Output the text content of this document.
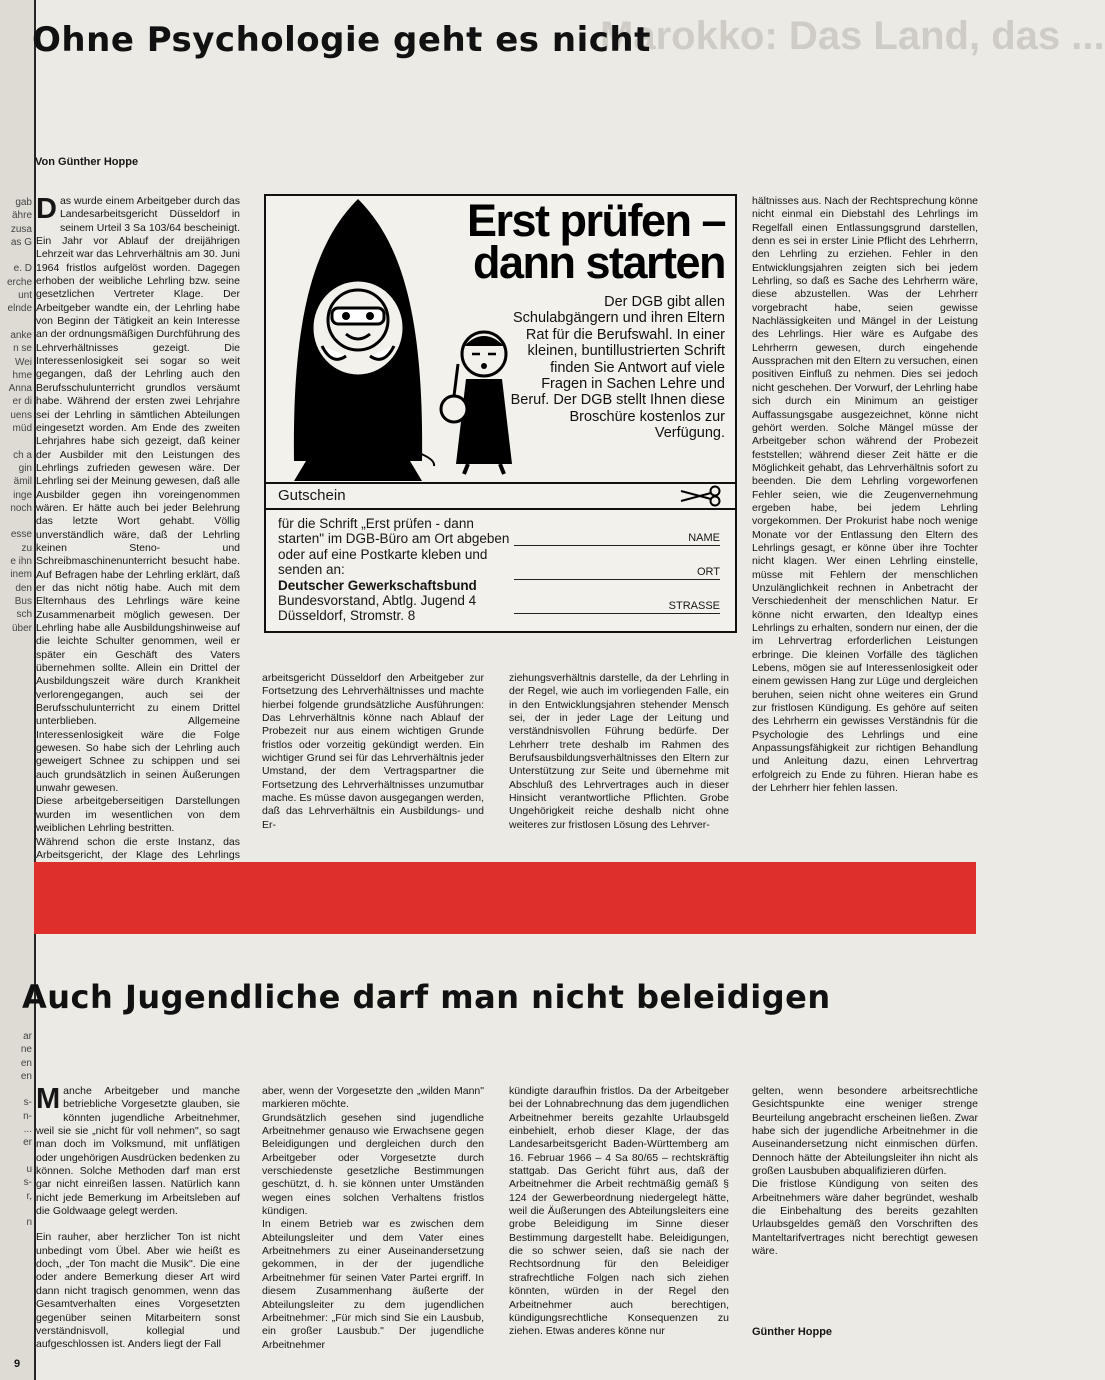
gab
ähre
zusa
as G

e. D
erche
unt
elnde

anke
n se
Wei
hme
Anna
er di
uens
müd

ch a
gin
ämil
inge
noch

esse
zu
e ihn
inem
den
Bus
sch
über
ar
ne
en
en

s-
n-
...
er

u
s-
r,

n
Marokko: Das Land, das ...
Ohne Psychologie geht es nicht
Von Günther Hoppe

Das wurde einem Arbeitgeber durch das Landesarbeitsgericht Düsseldorf in seinem Urteil 3 Sa 103/64 bescheinigt. Ein Jahr vor Ablauf der dreijährigen Lehrzeit war das Lehrverhältnis am 30. Juni 1964 fristlos aufgelöst worden. Dagegen erhoben der weibliche Lehrling bzw. seine gesetzlichen Vertreter Klage. Der Arbeitgeber wandte ein, der Lehrling habe von Beginn der Tätigkeit an kein Interesse an der ordnungsmäßigen Durchführung des Lehrverhältnisses gezeigt. Die Interessenlosigkeit sei sogar so weit gegangen, daß der Lehrling auch den Berufsschulunterricht grundlos versäumt habe. Während der ersten zwei Lehrjahre sei der Lehrling in sämtlichen Abteilungen eingesetzt worden. Am Ende des zweiten Lehrjahres habe sich gezeigt, daß keiner der Ausbilder mit den Leistungen des Lehrlings zufrieden gewesen wäre. Der Lehrling sei der Meinung gewesen, daß alle Ausbilder gegen ihn voreingenommen wären. Er hätte auch bei jeder Belehrung das letzte Wort gehabt. Völlig unverständlich wäre, daß der Lehrling keinen Steno- und Schreibmaschinenunterricht besucht habe. Auf Befragen habe der Lehrling erklärt, daß er das nicht nötig habe. Auch mit dem Elternhaus des Lehrlings wäre keine Zusammenarbeit möglich gewesen. Der Lehrling habe alle Ausbildungshinweise auf die leichte Schulter genommen, weil er später ein Geschäft des Vaters übernehmen sollte. Allein ein Drittel der Ausbildungszeit wäre durch Krankheit verlorengegangen, auch sei der Berufsschulunterricht zu einem Drittel unterblieben. Allgemeine Interessenlosigkeit wäre die Folge gewesen. So habe sich der Lehrling auch geweigert Schnee zu schippen und sei auch grundsätzlich in seinen Äußerungen unwahr gewesen.

Diese arbeitgeberseitigen Darstellungen wurden im wesentlichen von dem weiblichen Lehrling bestritten.

Während schon die erste Instanz, das Arbeitsgericht, der Klage des Lehrlings

Erst prüfen –
dann starten
Der DGB gibt allen Schulabgängern und ihren Eltern Rat für die Berufswahl. In einer kleinen, buntillustrierten Schrift finden Sie Antwort auf viele Fragen in Sachen Lehre und Beruf. Der DGB stellt Ihnen diese Broschüre kostenlos zur Verfügung.
Gutschein
für die Schrift „Erst prüfen - dann starten" im DGB-Büro am Ort abgeben oder auf eine Postkarte kleben und senden an:
Deutscher Gewerkschaftsbund
Bundesvorstand, Abtlg. Jugend 4 Düsseldorf, Stromstr. 8
NAME
ORT
STRASSE

arbeitsgericht Düsseldorf den Arbeitgeber zur Fortsetzung des Lehrverhältnisses und machte hierbei folgende grundsätzliche Ausführungen: Das Lehrverhältnis könne nach Ablauf der Probezeit nur aus einem wichtigen Grunde fristlos oder vorzeitig gekündigt werden. Ein wichtiger Grund sei für das Lehrverhältnis jeder Umstand, der dem Vertragspartner die Fortsetzung des Lehrverhältnisses unzumutbar mache. Es müsse davon ausgegangen werden, daß das Lehrverhältnis ein Ausbildungs- und Er-

ziehungsverhältnis darstelle, da der Lehrling in der Regel, wie auch im vorliegenden Falle, ein in den Entwicklungsjahren stehender Mensch sei, der in jeder Lage der Leitung und verständnisvollen Führung bedürfe. Der Lehrherr trete deshalb im Rahmen des Berufsausbildungsverhältnisses den Eltern zur Unterstützung zur Seite und übernehme mit Abschluß des Lehrvertrages auch in dieser Hinsicht verantwortliche Pflichten. Grobe Ungehörigkeit reiche deshalb nicht ohne weiteres zur fristlosen Lösung des Lehrver-

hältnisses aus. Nach der Rechtsprechung könne nicht einmal ein Diebstahl des Lehrlings im Regelfall einen Entlassungsgrund darstellen, denn es sei in erster Linie Pflicht des Lehrherrn, den Lehrling zu erziehen. Fehler in den Entwicklungsjahren zeigten sich bei jedem Lehrling, so daß es Sache des Lehrherrn wäre, diese abzustellen. Was der Lehrherr vorgebracht habe, seien gewisse Nachlässigkeiten und Mängel in der Leistung des Lehrlings. Hier wäre es Aufgabe des Lehrherrn gewesen, durch eingehende Aussprachen mit den Eltern zu versuchen, einen positiven Einfluß zu nehmen. Dies sei jedoch nicht geschehen. Der Vorwurf, der Lehrling habe sich durch ein Minimum an geistiger Auffassungsgabe ausgezeichnet, könne nicht gehört werden. Solche Mängel müsse der Arbeitgeber schon während der Probezeit feststellen; während dieser Zeit hätte er die Möglichkeit gehabt, das Lehrverhältnis sofort zu beenden. Die dem Lehrling vorgeworfenen Fehler seien, wie die Zeugenvernehmung ergeben habe, bei jedem Lehrling vorgekommen. Der Prokurist habe noch wenige Monate vor der Entlassung den Eltern des Lehrlings gesagt, er könne über ihre Tochter nicht klagen. Wer einen Lehrling einstelle, müsse mit Fehlern der menschlichen Unzulänglichkeit rechnen in Anbetracht der Verschiedenheit der menschlichen Natur. Er könne nicht erwarten, den Idealtyp eines Lehrlings zu erhalten, sondern nur einen, der die im Lehrvertrag erforderlichen Leistungen erbringe. Die kleinen Vorfälle des täglichen Lebens, mögen sie auf Interessenlosigkeit oder einem gewissen Hang zur Lüge und dergleichen beruhen, seien nicht ohne weiteres ein Grund zur fristlosen Kündigung. Es gehöre auf seiten des Lehrherrn ein gewisses Verständnis für die Psychologie des Lehrlings und eine Anpassungsfähigkeit zur richtigen Behandlung und Anleitung dazu, einen Lehrvertrag erfolgreich zu Ende zu führen. Hieran habe es der Lehrherr hier fehlen lassen.

Auch Jugendliche darf man nicht beleidigen

Manche Arbeitgeber und manche betriebliche Vorgesetzte glauben, sie könnten jugendliche Arbeitnehmer, weil sie sie „nicht für voll nehmen", so sagt man doch im Volksmund, mit unflätigen oder ungehörigen Ausdrücken bedenken zu können. Solche Methoden darf man erst gar nicht einreißen lassen. Natürlich kann nicht jede Bemerkung im Arbeitsleben auf die Goldwaage gelegt werden.

Ein rauher, aber herzlicher Ton ist nicht unbedingt vom Übel. Aber wie heißt es doch, „der Ton macht die Musik". Die eine oder andere Bemerkung dieser Art wird dann nicht tragisch genommen, wenn das Gesamtverhalten eines Vorgesetzten gegenüber seinen Mitarbeitern sonst verständnisvoll, kollegial und aufgeschlossen ist. Anders liegt der Fall

aber, wenn der Vorgesetzte den „wilden Mann" markieren möchte.

Grundsätzlich gesehen sind jugendliche Arbeitnehmer genauso wie Erwachsene gegen Beleidigungen und dergleichen durch den Arbeitgeber oder Vorgesetzte durch verschiedenste gesetzliche Bestimmungen geschützt, d. h. sie können unter Umständen wegen eines solchen Verhaltens fristlos kündigen.

In einem Betrieb war es zwischen dem Abteilungsleiter und dem Vater eines Arbeitnehmers zu einer Auseinandersetzung gekommen, in der der jugendliche Arbeitnehmer für seinen Vater Partei ergriff. In diesem Zusammenhang äußerte der Abteilungsleiter zu dem jugendlichen Arbeitnehmer: „Für mich sind Sie ein Lausbub, ein großer Lausbub." Der jugendliche Arbeitnehmer

kündigte daraufhin fristlos. Da der Arbeitgeber bei der Lohnabrechnung das dem jugendlichen Arbeitnehmer bereits gezahlte Urlaubsgeld einbehielt, erhob dieser Klage, der das Landesarbeitsgericht Baden-Württemberg am 16. Februar 1966 – 4 Sa 80/65 – rechtskräftig stattgab. Das Gericht führt aus, daß der Arbeitnehmer die Arbeit rechtmäßig gemäß § 124 der Gewerbeordnung niedergelegt hätte, weil die Äußerungen des Abteilungsleiters eine grobe Beleidigung im Sinne dieser Bestimmung dargestellt habe. Beleidigungen, die so schwer seien, daß sie nach der Rechtsordnung für den Beleidiger strafrechtliche Folgen nach sich ziehen könnten, würden in der Regel den Arbeitnehmer auch berechtigen, kündigungsrechtliche Konsequenzen zu ziehen. Etwas anderes könne nur

gelten, wenn besondere arbeitsrechtliche Gesichtspunkte eine weniger strenge Beurteilung angebracht erscheinen ließen. Zwar habe sich der jugendliche Arbeitnehmer in die Auseinandersetzung nicht einmischen dürfen. Dennoch hätte der Abteilungsleiter ihn nicht als großen Lausbuben abqualifizieren dürfen.

Die fristlose Kündigung von seiten des Arbeitnehmers wäre daher begründet, weshalb die Einbehaltung des bereits gezahlten Urlaubsgeldes gemäß den Vorschriften des Manteltarifvertrages nicht berechtigt gewesen wäre.

Günther Hoppe
9
